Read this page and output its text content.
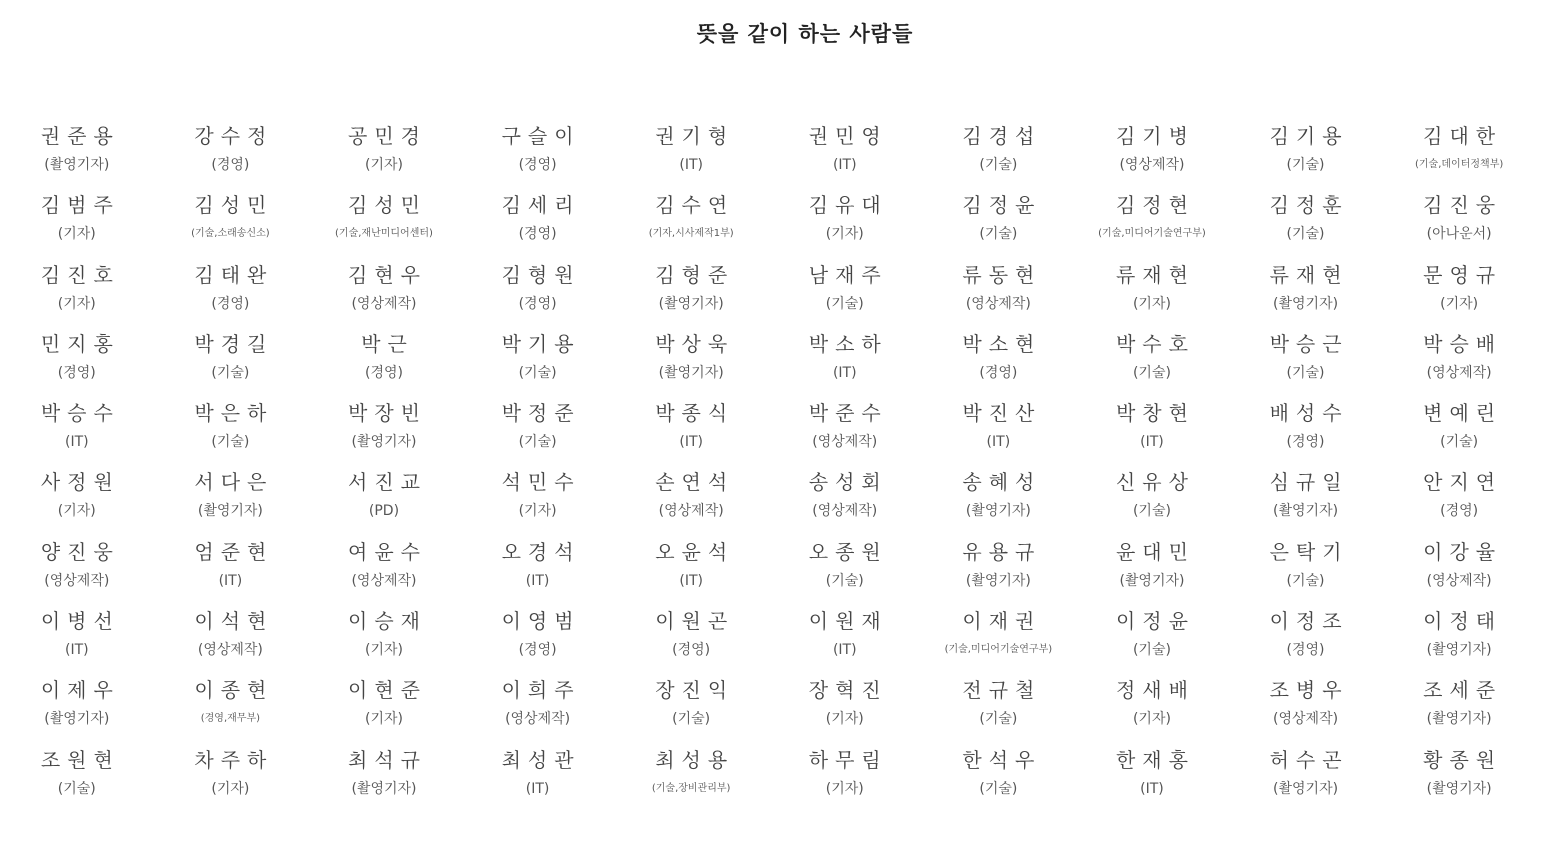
뜻을 같이 하는 사람들
권준용
(촬영기자)
강수정
(경영)
공민경
(기자)
구슬이
(경영)
권기형
(IT)
권민영
(IT)
김경섭
(기술)
김기병
(영상제작)
김기용
(기술)
김대한
(기술,데이터정책부)
김범주
(기자)
김성민
(기술,소래송신소)
김성민
(기술,재난미디어센터)
김세리
(경영)
김수연
(기자,시사제작1부)
김유대
(기자)
김정윤
(기술)
김정현
(기술,미디어기술연구부)
김정훈
(기술)
김진웅
(아나운서)
김진호
(기자)
김태완
(경영)
김현우
(영상제작)
김형원
(경영)
김형준
(촬영기자)
남재주
(기술)
류동현
(영상제작)
류재현
(기자)
류재현
(촬영기자)
문영규
(기자)
민지홍
(경영)
박경길
(기술)
박근
(경영)
박기용
(기술)
박상욱
(촬영기자)
박소하
(IT)
박소현
(경영)
박수호
(기술)
박승근
(기술)
박승배
(영상제작)
박승수
(IT)
박은하
(기술)
박장빈
(촬영기자)
박정준
(기술)
박종식
(IT)
박준수
(영상제작)
박진산
(IT)
박창현
(IT)
배성수
(경영)
변예린
(기술)
사정원
(기자)
서다은
(촬영기자)
서진교
(PD)
석민수
(기자)
손연석
(영상제작)
송성회
(영상제작)
송혜성
(촬영기자)
신유상
(기술)
심규일
(촬영기자)
안지연
(경영)
양진웅
(영상제작)
엄준현
(IT)
여윤수
(영상제작)
오경석
(IT)
오윤석
(IT)
오종원
(기술)
유용규
(촬영기자)
윤대민
(촬영기자)
은탁기
(기술)
이강율
(영상제작)
이병선
(IT)
이석현
(영상제작)
이승재
(기자)
이영범
(경영)
이원곤
(경영)
이원재
(IT)
이재권
(기술,미디어기술연구부)
이정윤
(기술)
이정조
(경영)
이정태
(촬영기자)
이제우
(촬영기자)
이종현
(경영,재무부)
이현준
(기자)
이희주
(영상제작)
장진익
(기술)
장혁진
(기자)
전규철
(기술)
정새배
(기자)
조병우
(영상제작)
조세준
(촬영기자)
조원현
(기술)
차주하
(기자)
최석규
(촬영기자)
최성관
(IT)
최성용
(기술,장비관리부)
하무림
(기자)
한석우
(기술)
한재홍
(IT)
허수곤
(촬영기자)
황종원
(촬영기자)
